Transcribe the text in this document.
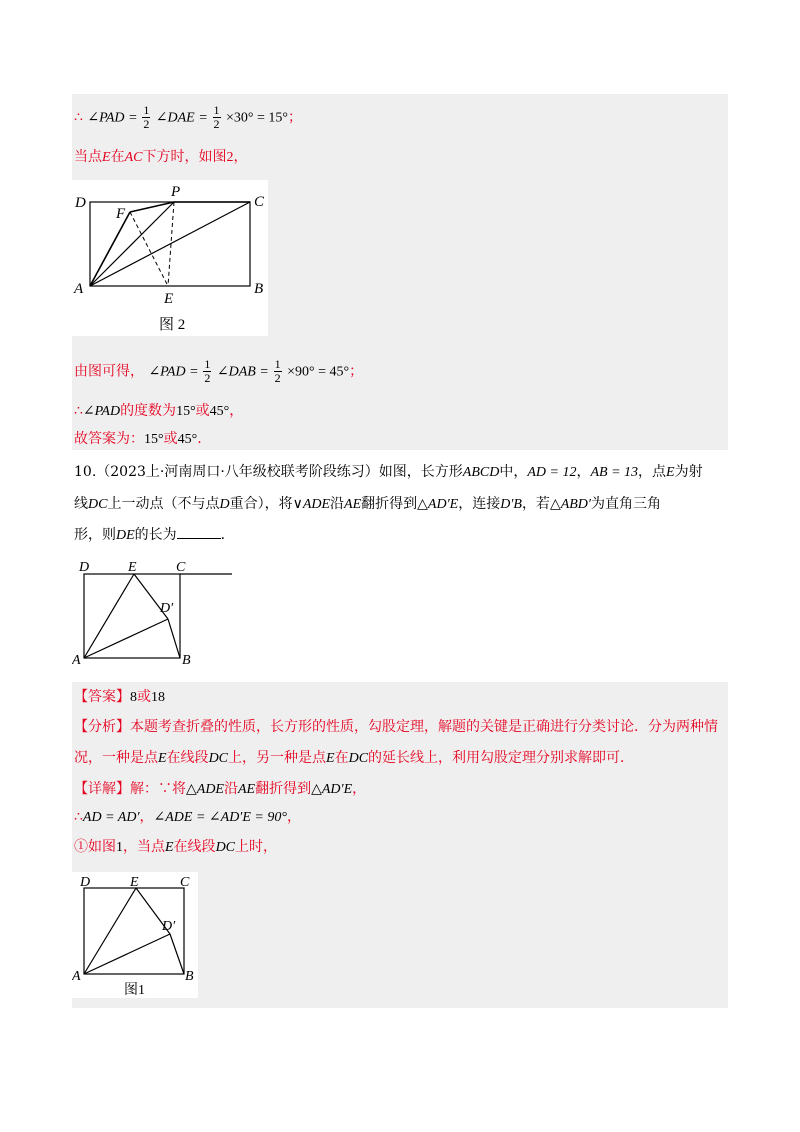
∴ ∠PAD = $\frac{1}{2}$ ∠DAE = $\frac{1}{2} \times 30^\circ = 15^\circ$；
当点E在AC下方时，如图2，
D
P
C
F
A
E
B
图 2
由图可得， ∠PAD = $\frac{1}{2}$ ∠DAB = $\frac{1}{2} \times 90^\circ = 45^\circ$；
∴∠PAD的度数为15°或45°，
故答案为：15°或45°.
10.（2023上·河南周口·八年级校联考阶段练习）如图，长方形ABCD中，AD = 12，AB = 13，点E为射
线DC上一动点（不与点D重合），将∨ADE沿AE翻折得到△AD′E，连接D′B，若△ABD′为直角三角
形，则DE的长为	.
D	E	C
D′
A	B
【答案】8或18
【分析】本题考查折叠的性质，长方形的性质，勾股定理，解题的关键是正确进行分类讨论．分为两种情
况，一种是点E在线段DC上，另一种是点E在DC的延长线上，利用勾股定理分别求解即可．
【详解】解：∵将△ADE沿AE翻折得到△AD′E，
∴AD = AD′，∠ADE = ∠AD′E = 90°，
①如图1，当点E在线段DC上时，
D	E	C
D′
A	B
图1
